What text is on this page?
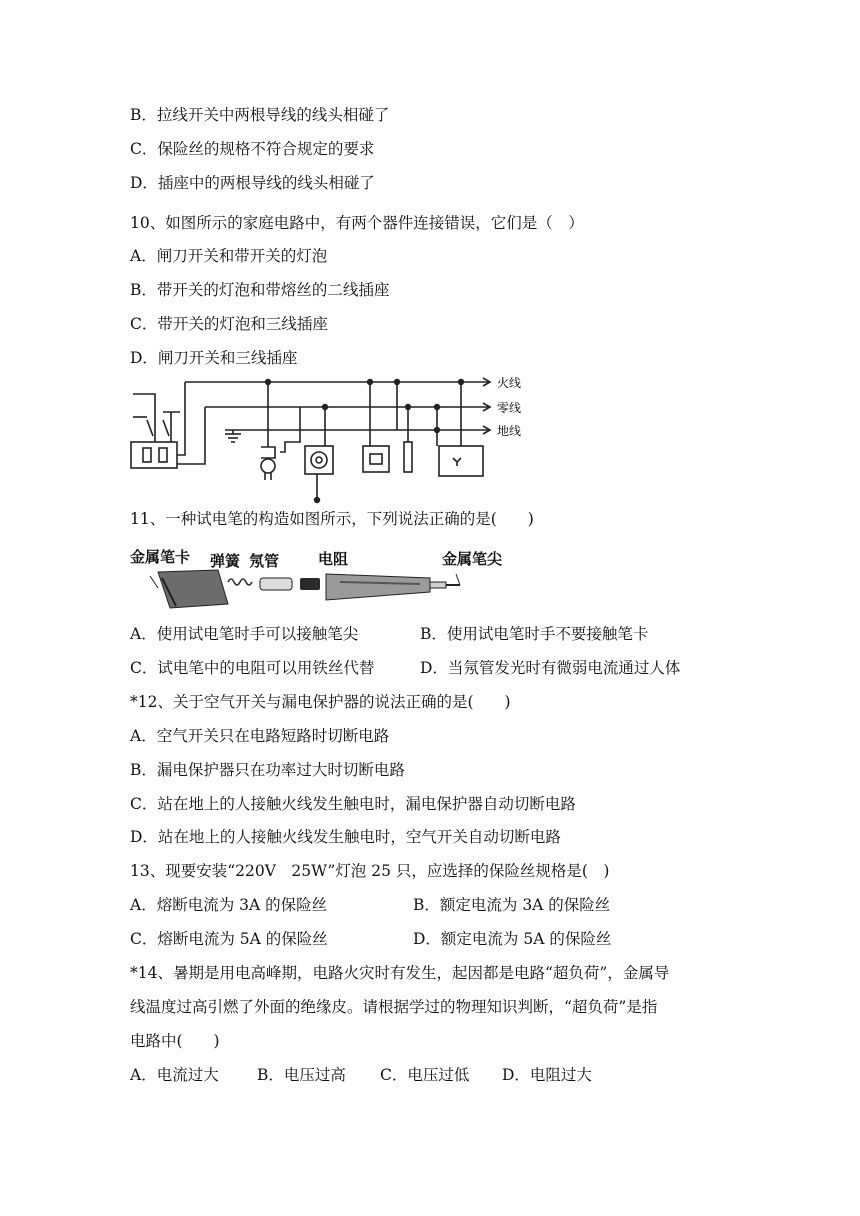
B．拉线开关中两根导线的线头相碰了
C．保险丝的规格不符合规定的要求
D．插座中的两根导线的线头相碰了
10、如图所示的家庭电路中，有两个器件连接错误，它们是（　）
A．闸刀开关和带开关的灯泡
B．带开关的灯泡和带熔丝的二线插座
C．带开关的灯泡和三线插座
D．闸刀开关和三线插座
火线
零线
地线
11、一种试电笔的构造如图所示，下列说法正确的是(　　)
金属笔卡 弹簧 氖管	电阻	金属笔尖
A．使用试电笔时手可以接触笔尖	B．使用试电笔时手不要接触笔卡
C．试电笔中的电阻可以用铁丝代替	D．当氖管发光时有微弱电流通过人体
*12、关于空气开关与漏电保护器的说法正确的是(　　)
A．空气开关只在电路短路时切断电路
B．漏电保护器只在功率过大时切断电路
C．站在地上的人接触火线发生触电时，漏电保护器自动切断电路
D．站在地上的人接触火线发生触电时，空气开关自动切断电路
13、现要安装“220V　25W”灯泡 25 只，应选择的保险丝规格是(　)
A．熔断电流为 3A 的保险丝	B．额定电流为 3A 的保险丝
C．熔断电流为 5A 的保险丝	D．额定电流为 5A 的保险丝
*14、暑期是用电高峰期，电路火灾时有发生，起因都是电路“超负荷”，金属导
线温度过高引燃了外面的绝缘皮。请根据学过的物理知识判断，“超负荷”是指
电路中(　　)
A．电流过大 B．电压过高 C．电压过低 D．电阻过大
